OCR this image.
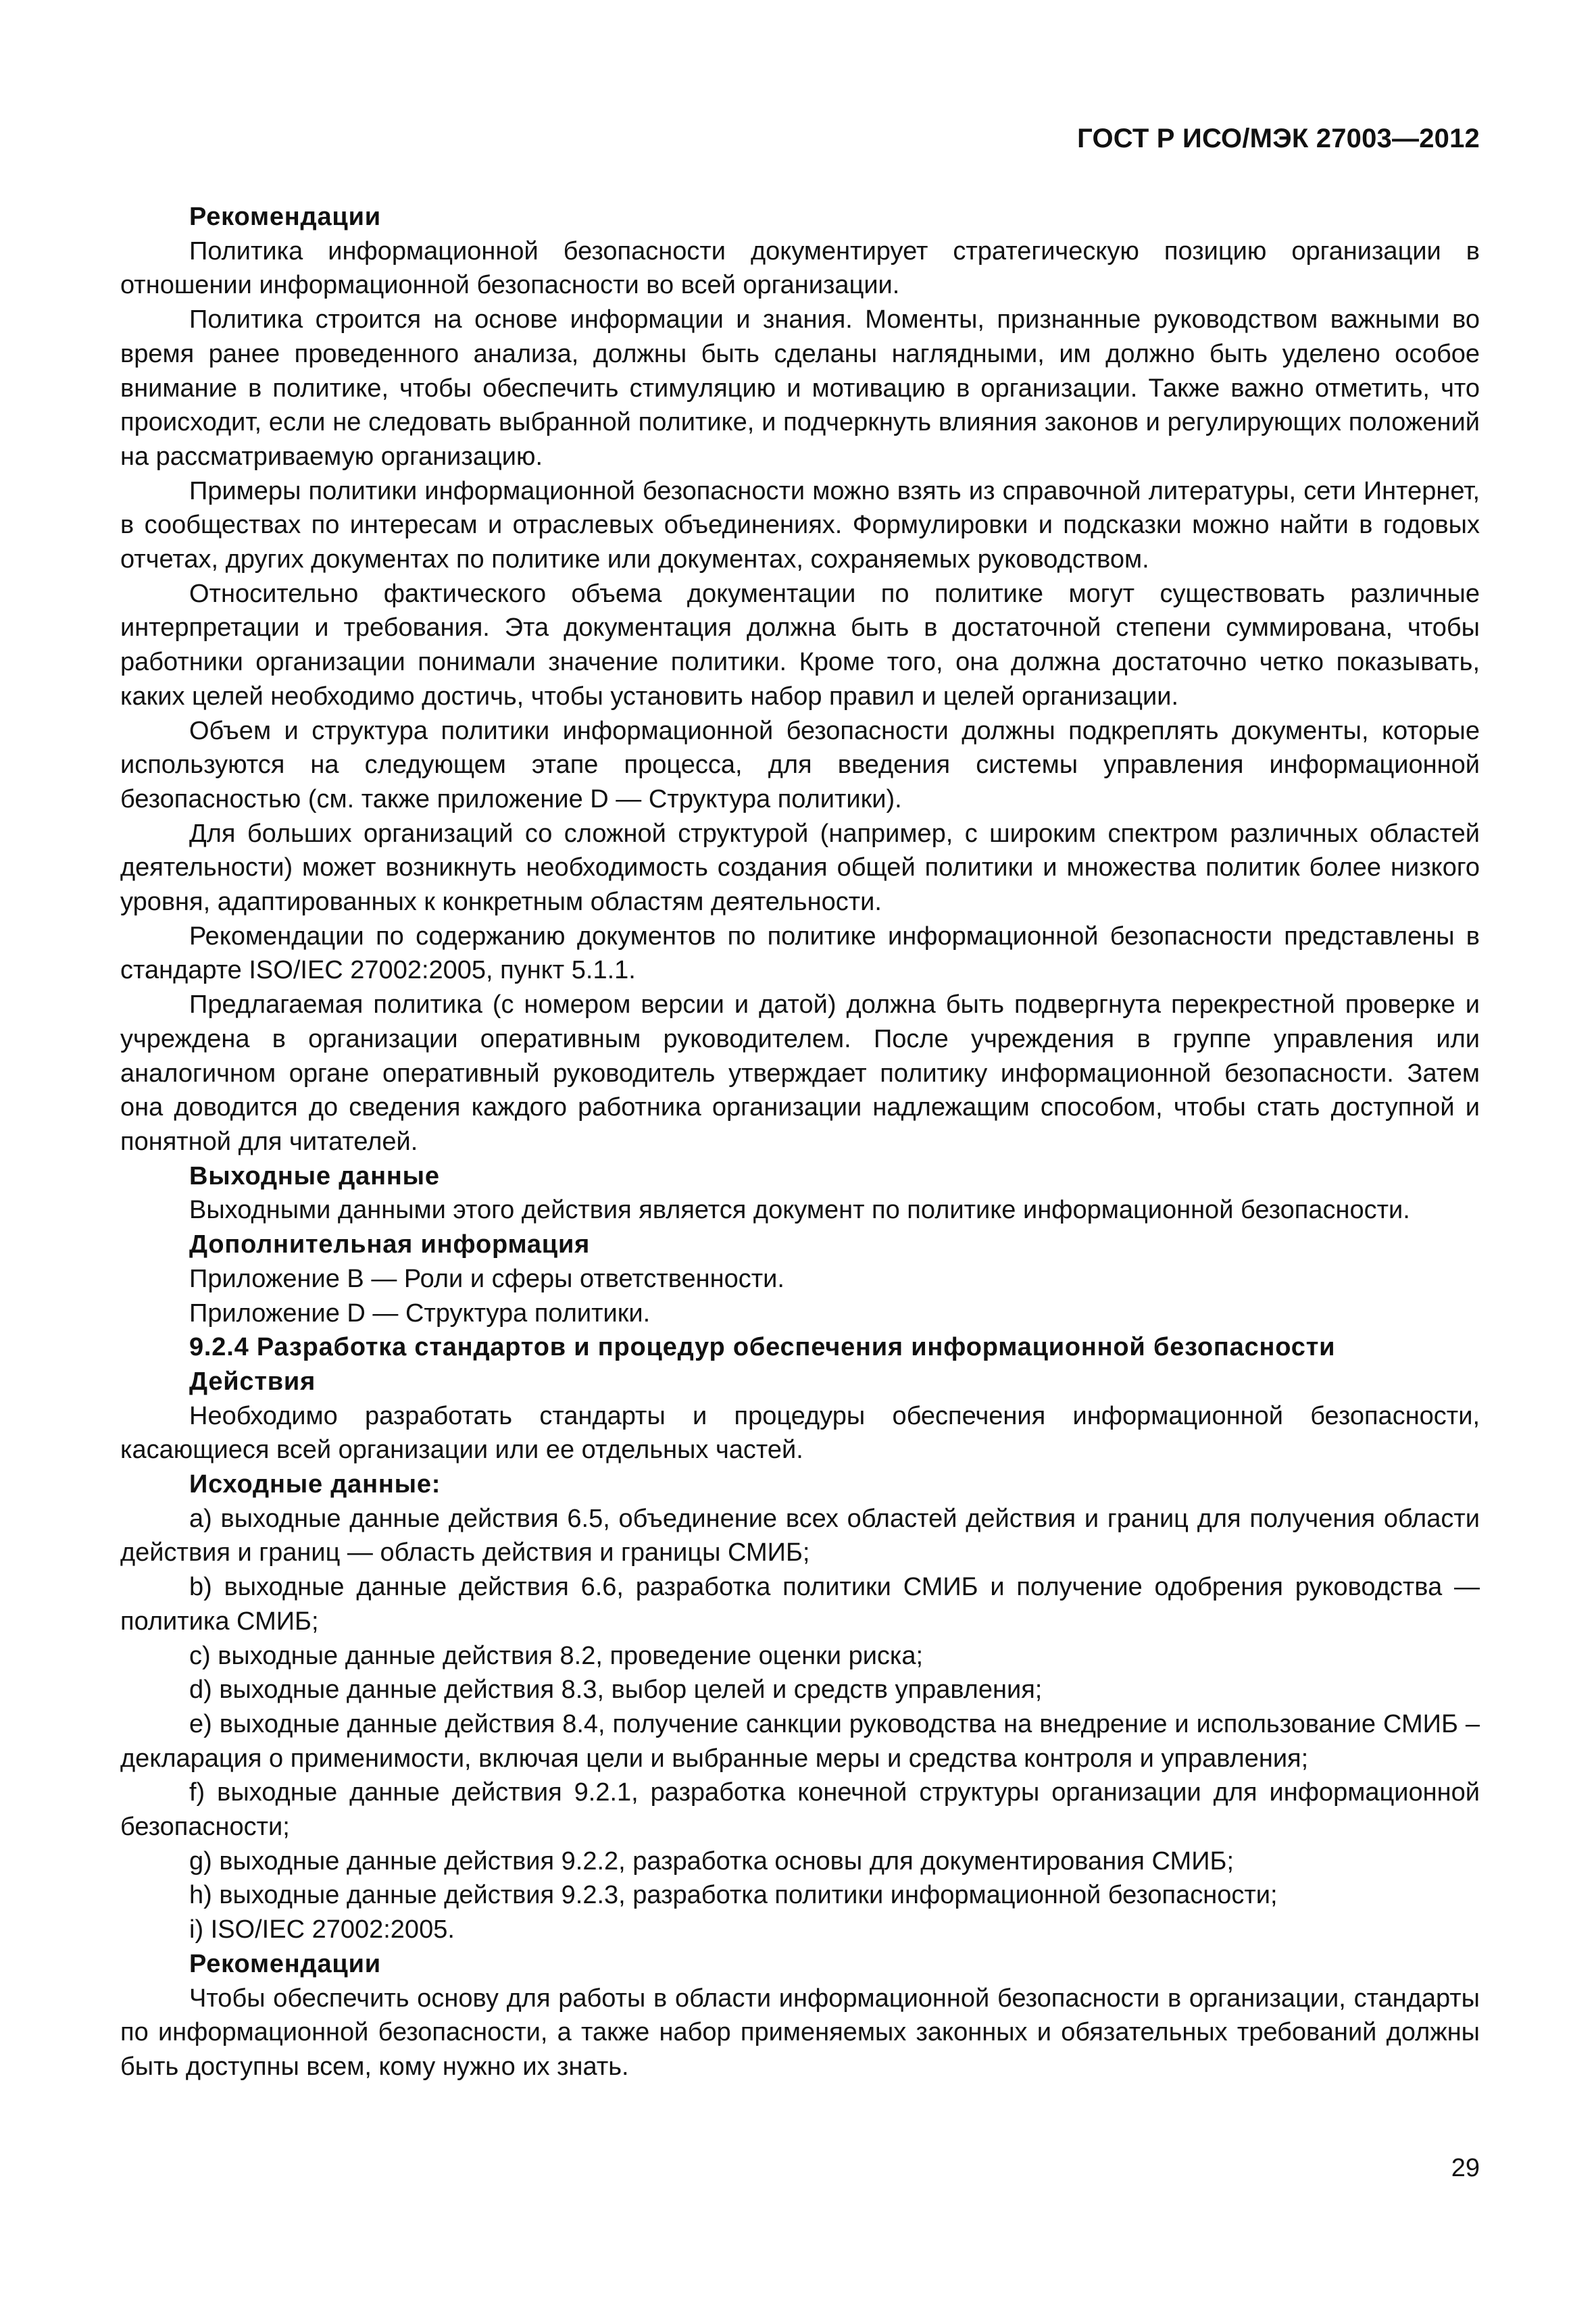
ГОСТ Р ИСО/МЭК 27003—2012
Рекомендации

Политика информационной безопасности документирует стратегическую позицию организации в отношении информационной безопасности во всей организации.

Политика строится на основе информации и знания. Моменты, признанные руководством важными во время ранее проведенного анализа, должны быть сделаны наглядными, им должно быть уделено особое внимание в политике, чтобы обеспечить стимуляцию и мотивацию в организации. Также важно отметить, что происходит, если не следовать выбранной политике, и подчеркнуть влияния законов и регулирующих положений на рассматриваемую организацию.

Примеры политики информационной безопасности можно взять из справочной литературы, сети Интернет, в сообществах по интересам и отраслевых объединениях. Формулировки и подсказки можно найти в годовых отчетах, других документах по политике или документах, сохраняемых руководством.

Относительно фактического объема документации по политике могут существовать различные интерпретации и требования. Эта документация должна быть в достаточной степени суммирована, чтобы работники организации понимали значение политики. Кроме того, она должна достаточно четко показывать, каких целей необходимо достичь, чтобы установить набор правил и целей организации.

Объем и структура политики информационной безопасности должны подкреплять документы, которые используются на следующем этапе процесса, для введения системы управления информационной безопасностью (см. также приложение D — Структура политики).

Для больших организаций со сложной структурой (например, с широким спектром различных областей деятельности) может возникнуть необходимость создания общей политики и множества политик более низкого уровня, адаптированных к конкретным областям деятельности.

Рекомендации по содержанию документов по политике информационной безопасности представлены в стандарте ISO/IEC 27002:2005, пункт 5.1.1.

Предлагаемая политика (с номером версии и датой) должна быть подвергнута перекрестной проверке и учреждена в организации оперативным руководителем. После учреждения в группе управления или аналогичном органе оперативный руководитель утверждает политику информационной безопасности. Затем она доводится до сведения каждого работника организации надлежащим способом, чтобы стать доступной и понятной для читателей.

Выходные данные

Выходными данными этого действия является документ по политике информационной безопасности.

Дополнительная информация

Приложение B — Роли и сферы ответственности.

Приложение D — Структура политики.

9.2.4 Разработка стандартов и процедур обеспечения информационной безопасности
Действия

Необходимо разработать стандарты и процедуры обеспечения информационной безопасности, касающиеся всей организации или ее отдельных частей.

Исходные данные:

a) выходные данные действия 6.5, объединение всех областей действия и границ для получения области действия и границ — область действия и границы СМИБ;

b) выходные данные действия 6.6, разработка политики СМИБ и получение одобрения руководства — политика СМИБ;

c) выходные данные действия 8.2, проведение оценки риска;

d) выходные данные действия 8.3, выбор целей и средств управления;

e) выходные данные действия 8.4, получение санкции руководства на внедрение и использование СМИБ – декларация о применимости, включая цели и выбранные меры и средства контроля и управления;

f) выходные данные действия 9.2.1, разработка конечной структуры организации для информационной безопасности;

g) выходные данные действия 9.2.2, разработка основы для документирования СМИБ;

h) выходные данные действия 9.2.3, разработка политики информационной безопасности;

i) ISO/IEC 27002:2005.

Рекомендации

Чтобы обеспечить основу для работы в области информационной безопасности в организации, стандарты по информационной безопасности, а также набор применяемых законных и обязательных требований должны быть доступны всем, кому нужно их знать.

29
